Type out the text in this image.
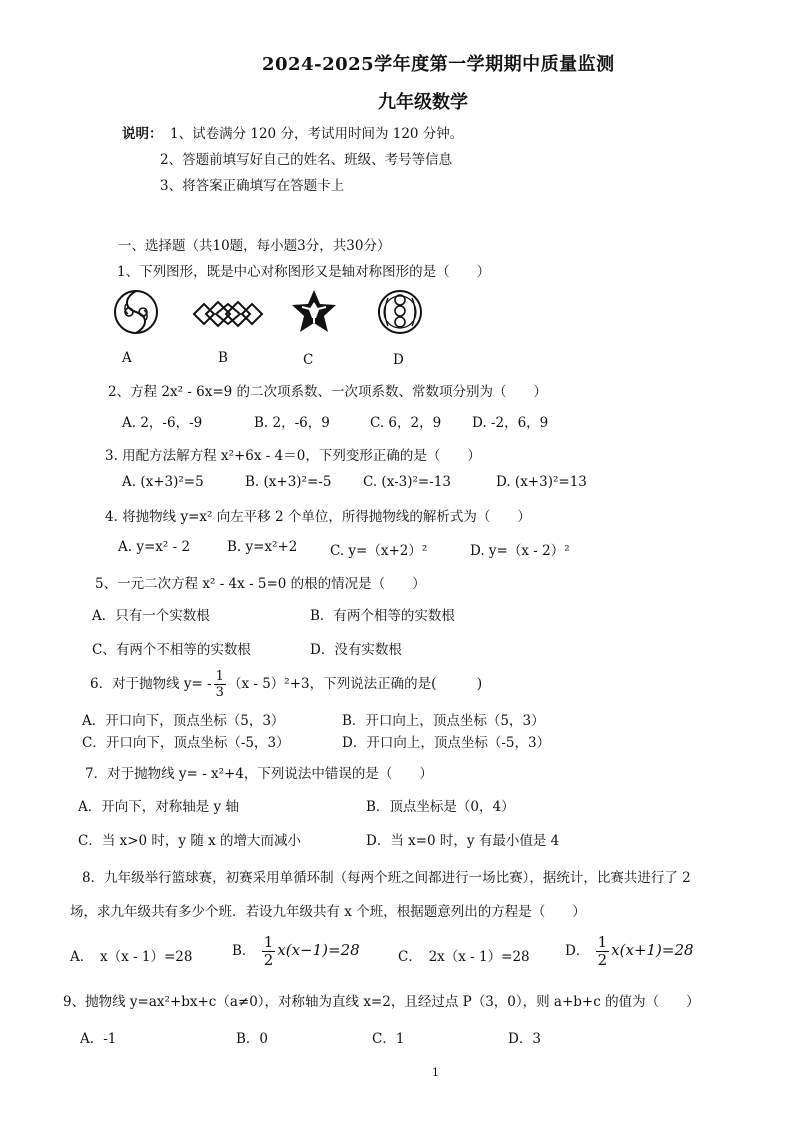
2024-2025学年度第一学期期中质量监测
九年级数学
说明： 1、试卷满分 120 分，考试用时间为 120 分钟。
2、答题前填写好自己的姓名、班级、考号等信息
3、将答案正确填写在答题卡上
一、选择题（共10题，每小题3分，共30分）
1、下列图形，既是中心对称图形又是轴对称图形的是（　　）
A	B	C	D
2、方程 2x² - 6x=9 的二次项系数、一次项系数、常数项分别为（　　）
A. 2，-6，-9	B. 2，-6，9	C. 6，2，9 D. -2，6，9
3. 用配方法解方程 x²+6x - 4＝0，下列变形正确的是（　　）
A. (x+3)²=5	B. (x+3)²=-5 C. (x-3)²=-13	D. (x+3)²=13
4. 将抛物线 y=x² 向左平移 2 个单位，所得抛物线的解析式为（　　）
A. y=x² - 2	B. y=x²+2 C. y=（x+2）²	D. y=（x - 2）²
5、一元二次方程 x² - 4x - 5=0 的根的情况是（　　）
A．只有一个实数根	B．有两个相等的实数根
C、有两个不相等的实数根	D．没有实数根
6．对于抛物线 $y= - \frac{1}{3} (x - 5)^2+3$，下列说法正确的是(　　　)
A．开口向下，顶点坐标（5，3）	B．开口向上，顶点坐标（5，3）
C．开口向下，顶点坐标（-5，3）	D．开口向上，顶点坐标（-5，3）
7．对于抛物线 y= - x²+4，下列说法中错误的是（　　）
A．开向下，对称轴是 y 轴	B．顶点坐标是（0，4）
C．当 x>0 时，y 随 x 的增大而减小	D．当 x=0 时，y 有最小值是 4
8．九年级举行篮球赛，初赛采用单循环制（每两个班之间都进行一场比赛），据统计，比赛共进行了 2
场，求九年级共有多少个班．若设九年级共有 x 个班，根据题意列出的方程是（　　）
A．　x（x - 1）=28	B． $\frac{1}{2} x(x-1)=28$	C．　2x（x - 1）=28	D． $\frac{1}{2} x(x+1)=28$
9、抛物线 y=ax²+bx+c（a≠0），对称轴为直线 x=2，且经过点 P（3，0），则 a+b+c 的值为（　　）
A．-1	B．0	C．1	D．3
1
